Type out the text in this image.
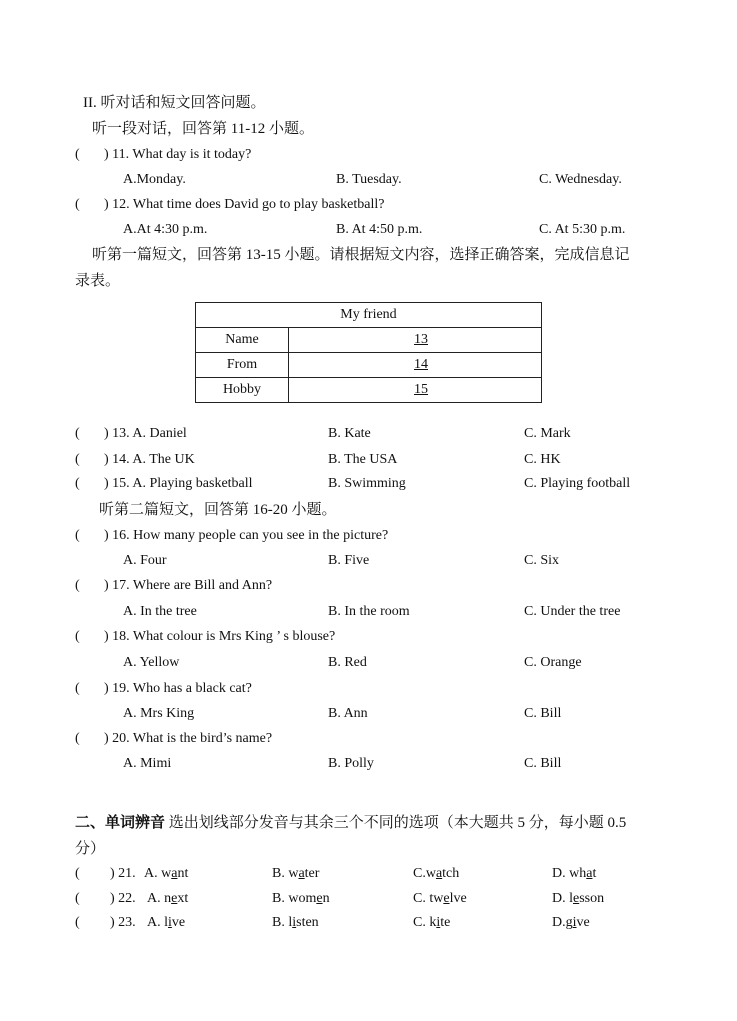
II. 听对话和短文回答问题。
听一段对话，回答第 11-12 小题。
( ) 11. What day is it today?
A.Monday.	B. Tuesday.	C. Wednesday.
( ) 12. What time does David go to play basketball?
A.At 4:30 p.m.	B. At 4:50 p.m.	C. At 5:30 p.m.
听第一篇短文，回答第 13-15 小题。请根据短文内容，选择正确答案，完成信息记
录表。
My friend	
Name	13
From	14
Hobby	15
( ) 13. A. Daniel	B. Kate	C. Mark
( ) 14. A. The UK	B. The USA	C. HK
( ) 15. A. Playing basketball	B. Swimming	C. Playing football
听第二篇短文，回答第 16-20 小题。
( ) 16. How many people can you see in the picture?
A. Four	B. Five	C. Six
( ) 17. Where are Bill and Ann?
A. In the tree	B. In the room	C. Under the tree
( ) 18. What colour is Mrs King ’ s blouse?
A. Yellow	B. Red	C. Orange
( ) 19. Who has a black cat?
A. Mrs King	B. Ann	C. Bill
( ) 20. What is the bird’s name?
A. Mimi	B. Polly	C. Bill
二、单词辨音 选出划线部分发音与其余三个不同的选项（本大题共 5 分，每小题 0.5
分）
( ) 21. A. want	B. water	C.watch	D. what
( ) 22. A. next	B. women	C. twelve	D. lesson
( ) 23. A. live	B. listen	C. kite	D.give
